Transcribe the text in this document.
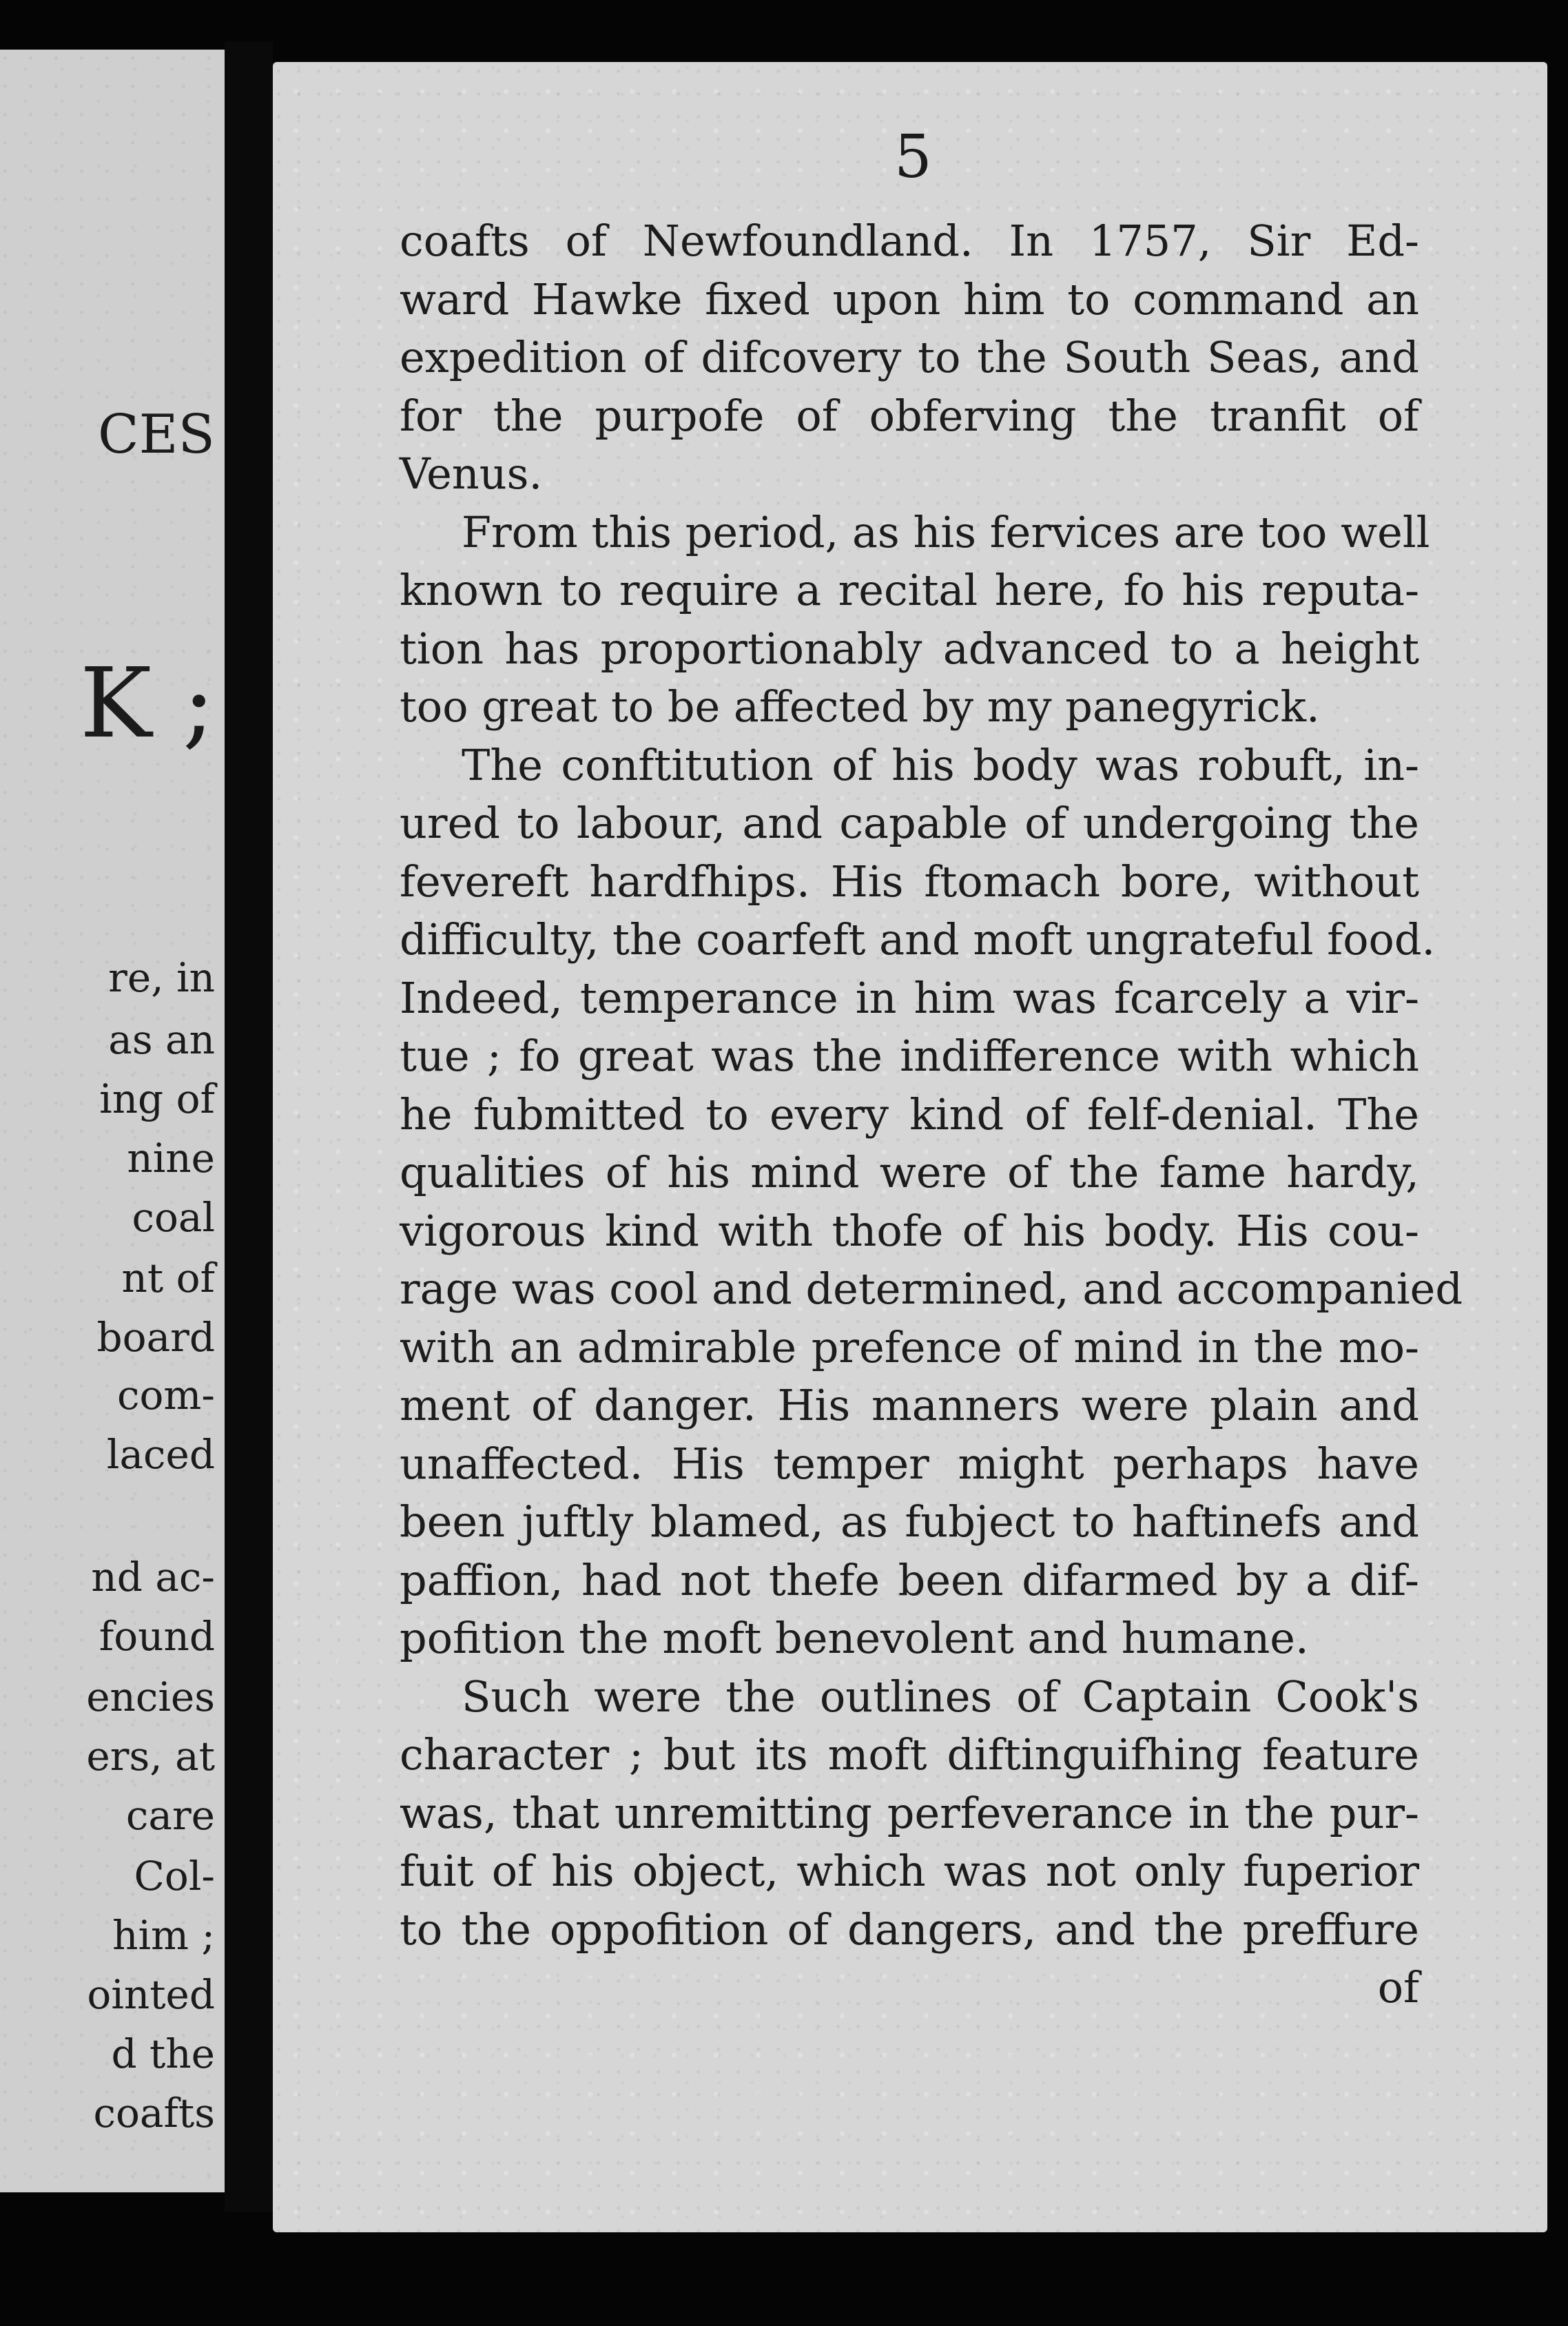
CES
K ;
re, in
as an
ing of
nine
coal
nt of
board
com-
laced
nd ac-
found
encies
ers, at
care
Col-
him ;
ointed
d the
coafts
5
coafts of Newfoundland. In 1757, Sir Ed-
ward Hawke fixed upon him to command an
expedition of difcovery to the South Seas, and
for the purpofe of obferving the tranfit of
Venus.
From this period, as his fervices are too well
known to require a recital here, fo his reputa-
tion has proportionably advanced to a height
too great to be affected by my panegyrick.
The conftitution of his body was robuft, in-
ured to labour, and capable of undergoing the
fevereft hardfhips. His ftomach bore, without
difficulty, the coarfeft and moft ungrateful food.
Indeed, temperance in him was fcarcely a vir-
tue ; fo great was the indifference with which
he fubmitted to every kind of felf-denial. The
qualities of his mind were of the fame hardy,
vigorous kind with thofe of his body. His cou-
rage was cool and determined, and accompanied
with an admirable prefence of mind in the mo-
ment of danger. His manners were plain and
unaffected. His temper might perhaps have
been juftly blamed, as fubject to haftinefs and
paffion, had not thefe been difarmed by a dif-
pofition the moft benevolent and humane.
Such were the outlines of Captain Cook's
character ; but its moft diftinguifhing feature
was, that unremitting perfeverance in the pur-
fuit of his object, which was not only fuperior
to the oppofition of dangers, and the preffure
of
